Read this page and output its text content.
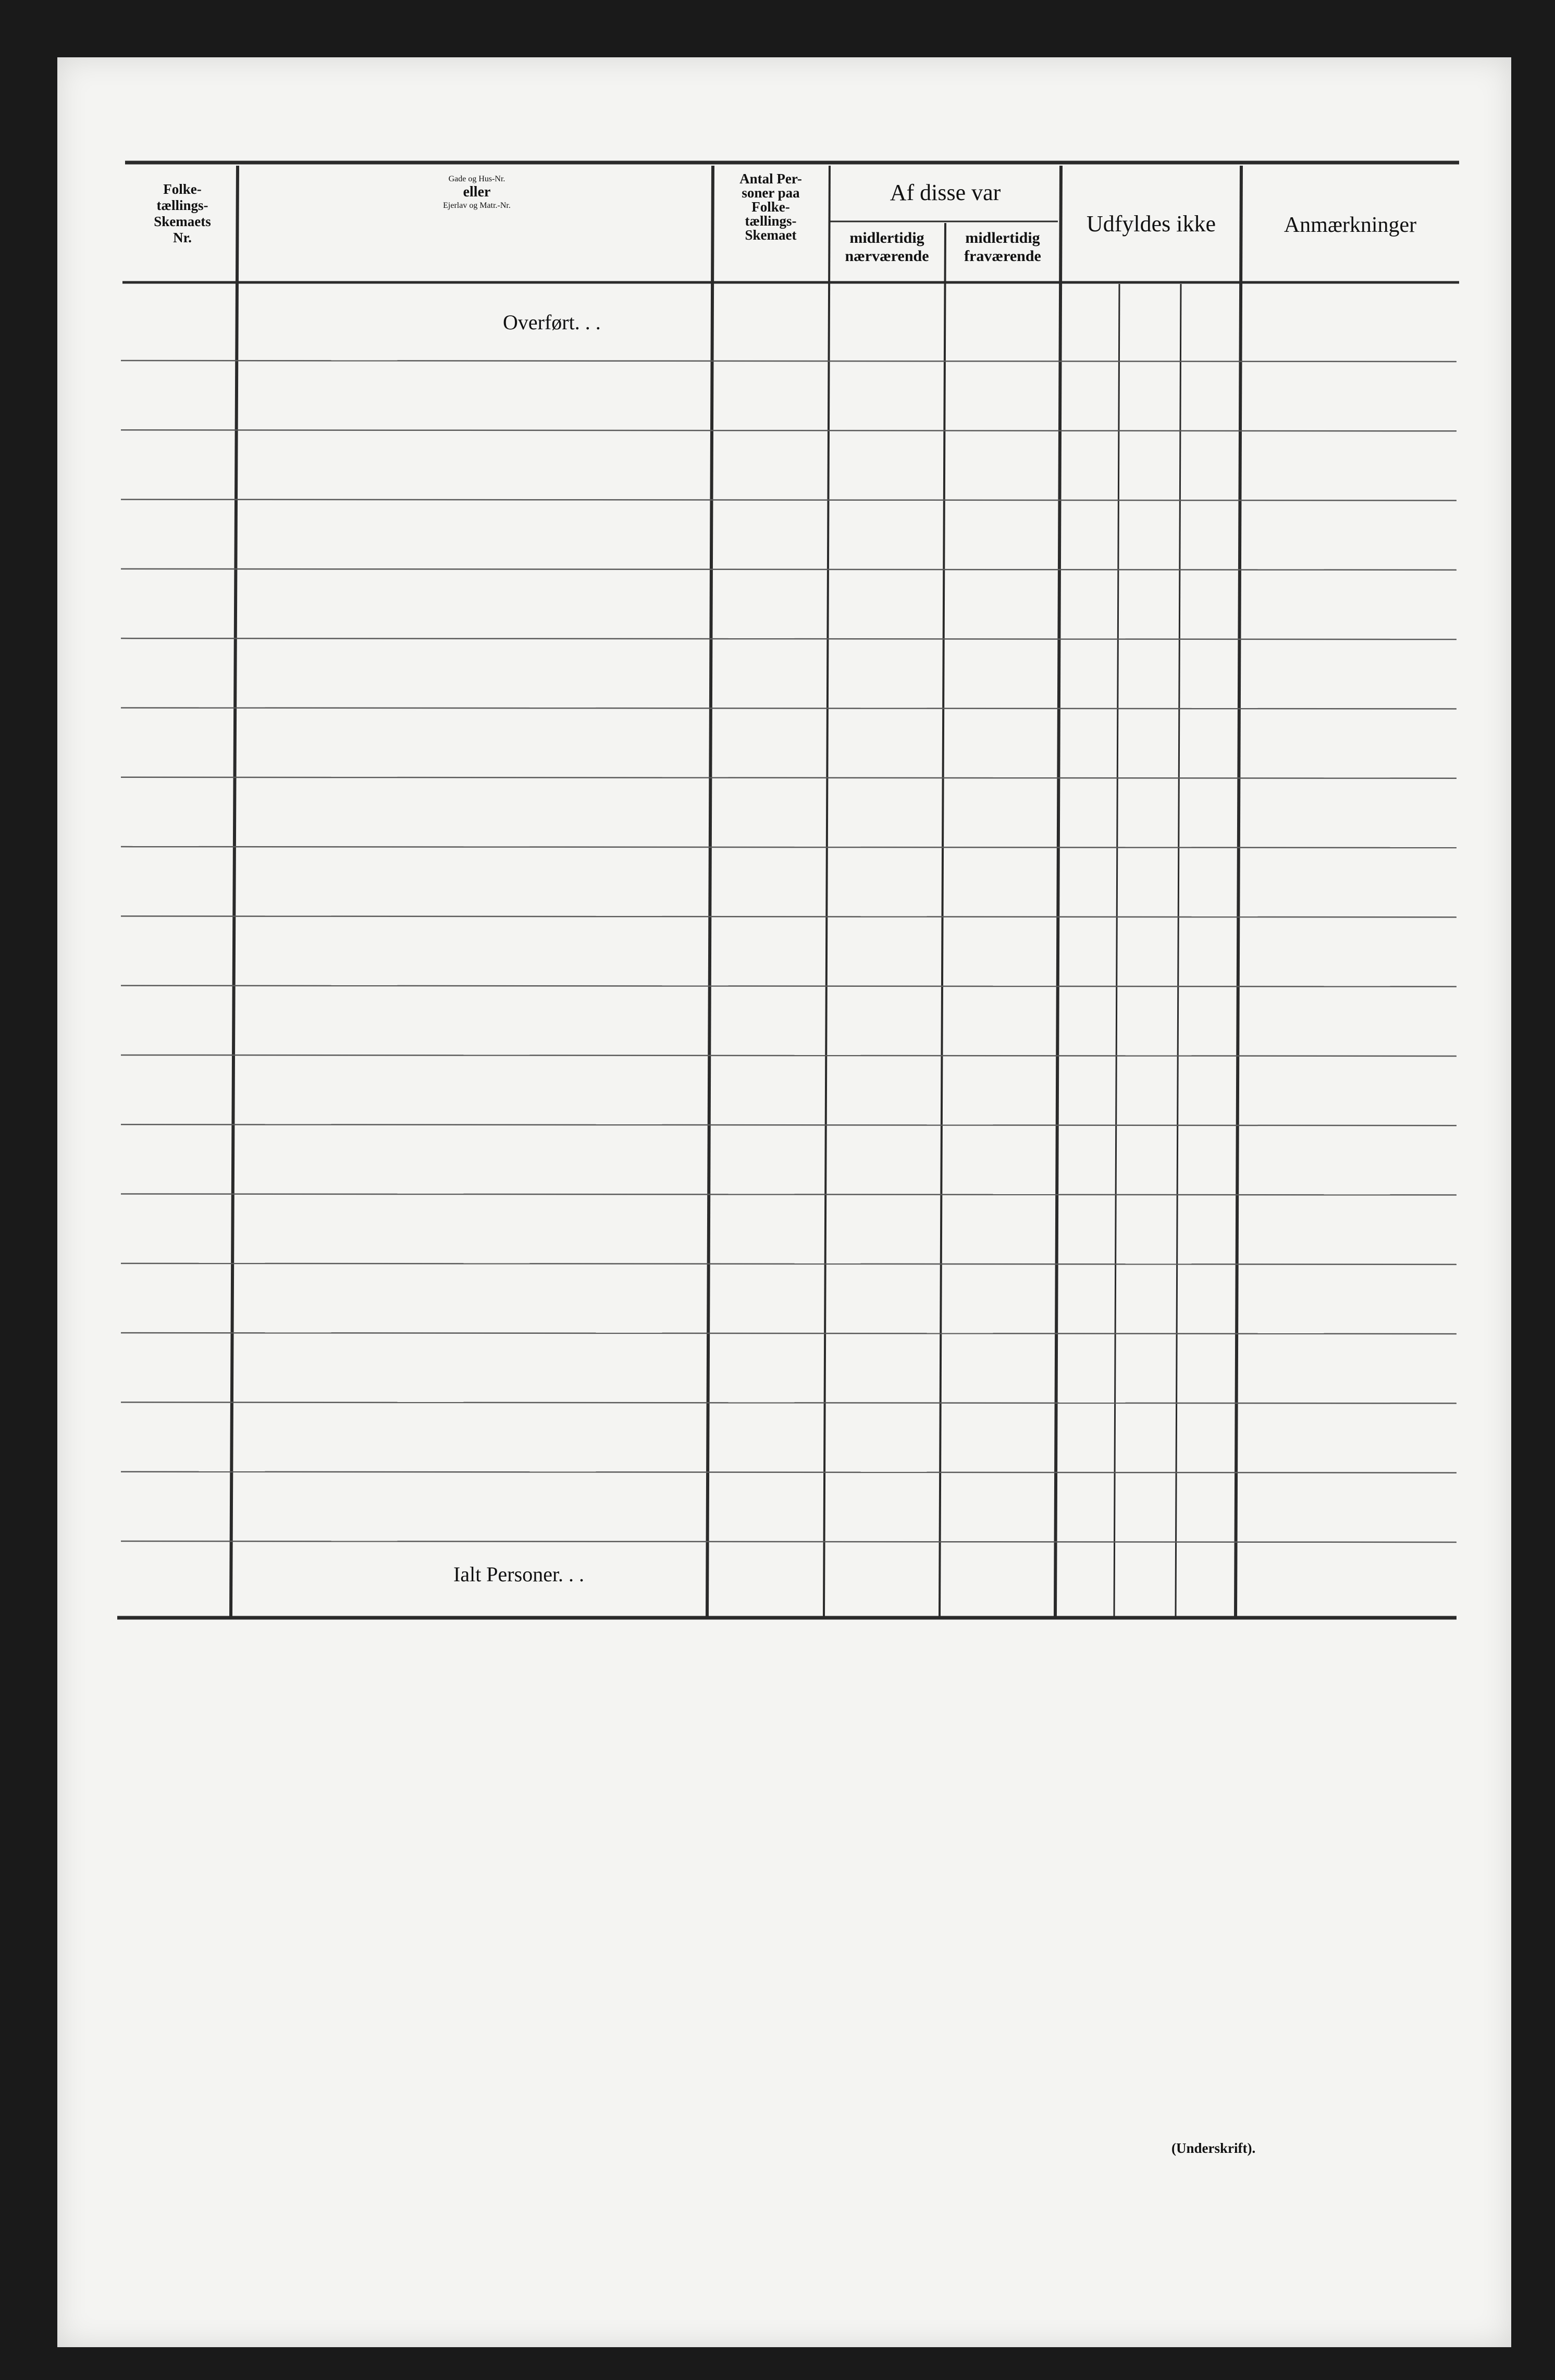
Folke-
tællings-
Skemaets
Nr.
Gade og Hus-Nr.
eller
Ejerlav og Matr.-Nr.
Antal Per-
soner paa
Folke-
tællings-
Skemaet
Af disse var
midlertidig
nærværende
midlertidig
fraværende
Udfyldes ikke	Anmærkninger
Overført. . .
Ialt Personer. . .
(Underskrift).
